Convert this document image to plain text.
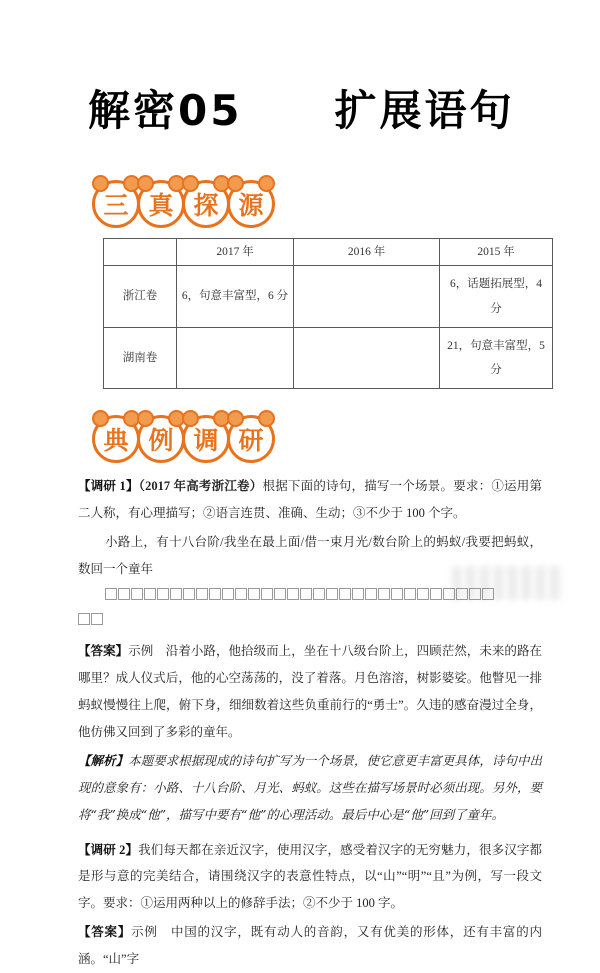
解密05 扩展语句
三 真 探 源
	2017 年	2016 年	2015 年
浙江卷	6，句意丰富型，6 分		6，话题拓展型，4 分
湖南卷			21，句意丰富型，5 分
典 例 调 研

【调研 1】（2017 年高考浙江卷）根据下面的诗句，描写一个场景。要求：①运用第二人称，有心理描写；②语言连贯、准确、生动；③不少于 100 个字。

小路上，有十八台阶/我坐在最上面/借一束月光/数台阶上的蚂蚁/我要把蚂蚁，数回一个童年

【答案】示例　沿着小路，他拾级而上，坐在十八级台阶上，四顾茫然，未来的路在哪里？成人仪式后，他的心空荡荡的，没了着落。月色溶溶，树影婆娑。他瞥见一排蚂蚁慢慢往上爬，俯下身，细细数着这些负重前行的“勇士”。久违的感奋漫过全身，他仿佛又回到了多彩的童年。

【解析】本题要求根据现成的诗句扩写为一个场景，使它意更丰富更具体，诗句中出现的意象有：小路、十八台阶、月光、蚂蚁。这些在描写场景时必须出现。另外，要将“我”换成“他”，描写中要有“他”的心理活动。最后中心是“他”回到了童年。

【调研 2】我们每天都在亲近汉字，使用汉字，感受着汉字的无穷魅力，很多汉字都是形与意的完美结合，请围绕汉字的表意性特点，以“山”“明”“且”为例，写一段文字。要求：①运用两种以上的修辞手法；②不少于 100 字。

【答案】示例　中国的汉字，既有动人的音韵，又有优美的形体，还有丰富的内涵。“山”字
